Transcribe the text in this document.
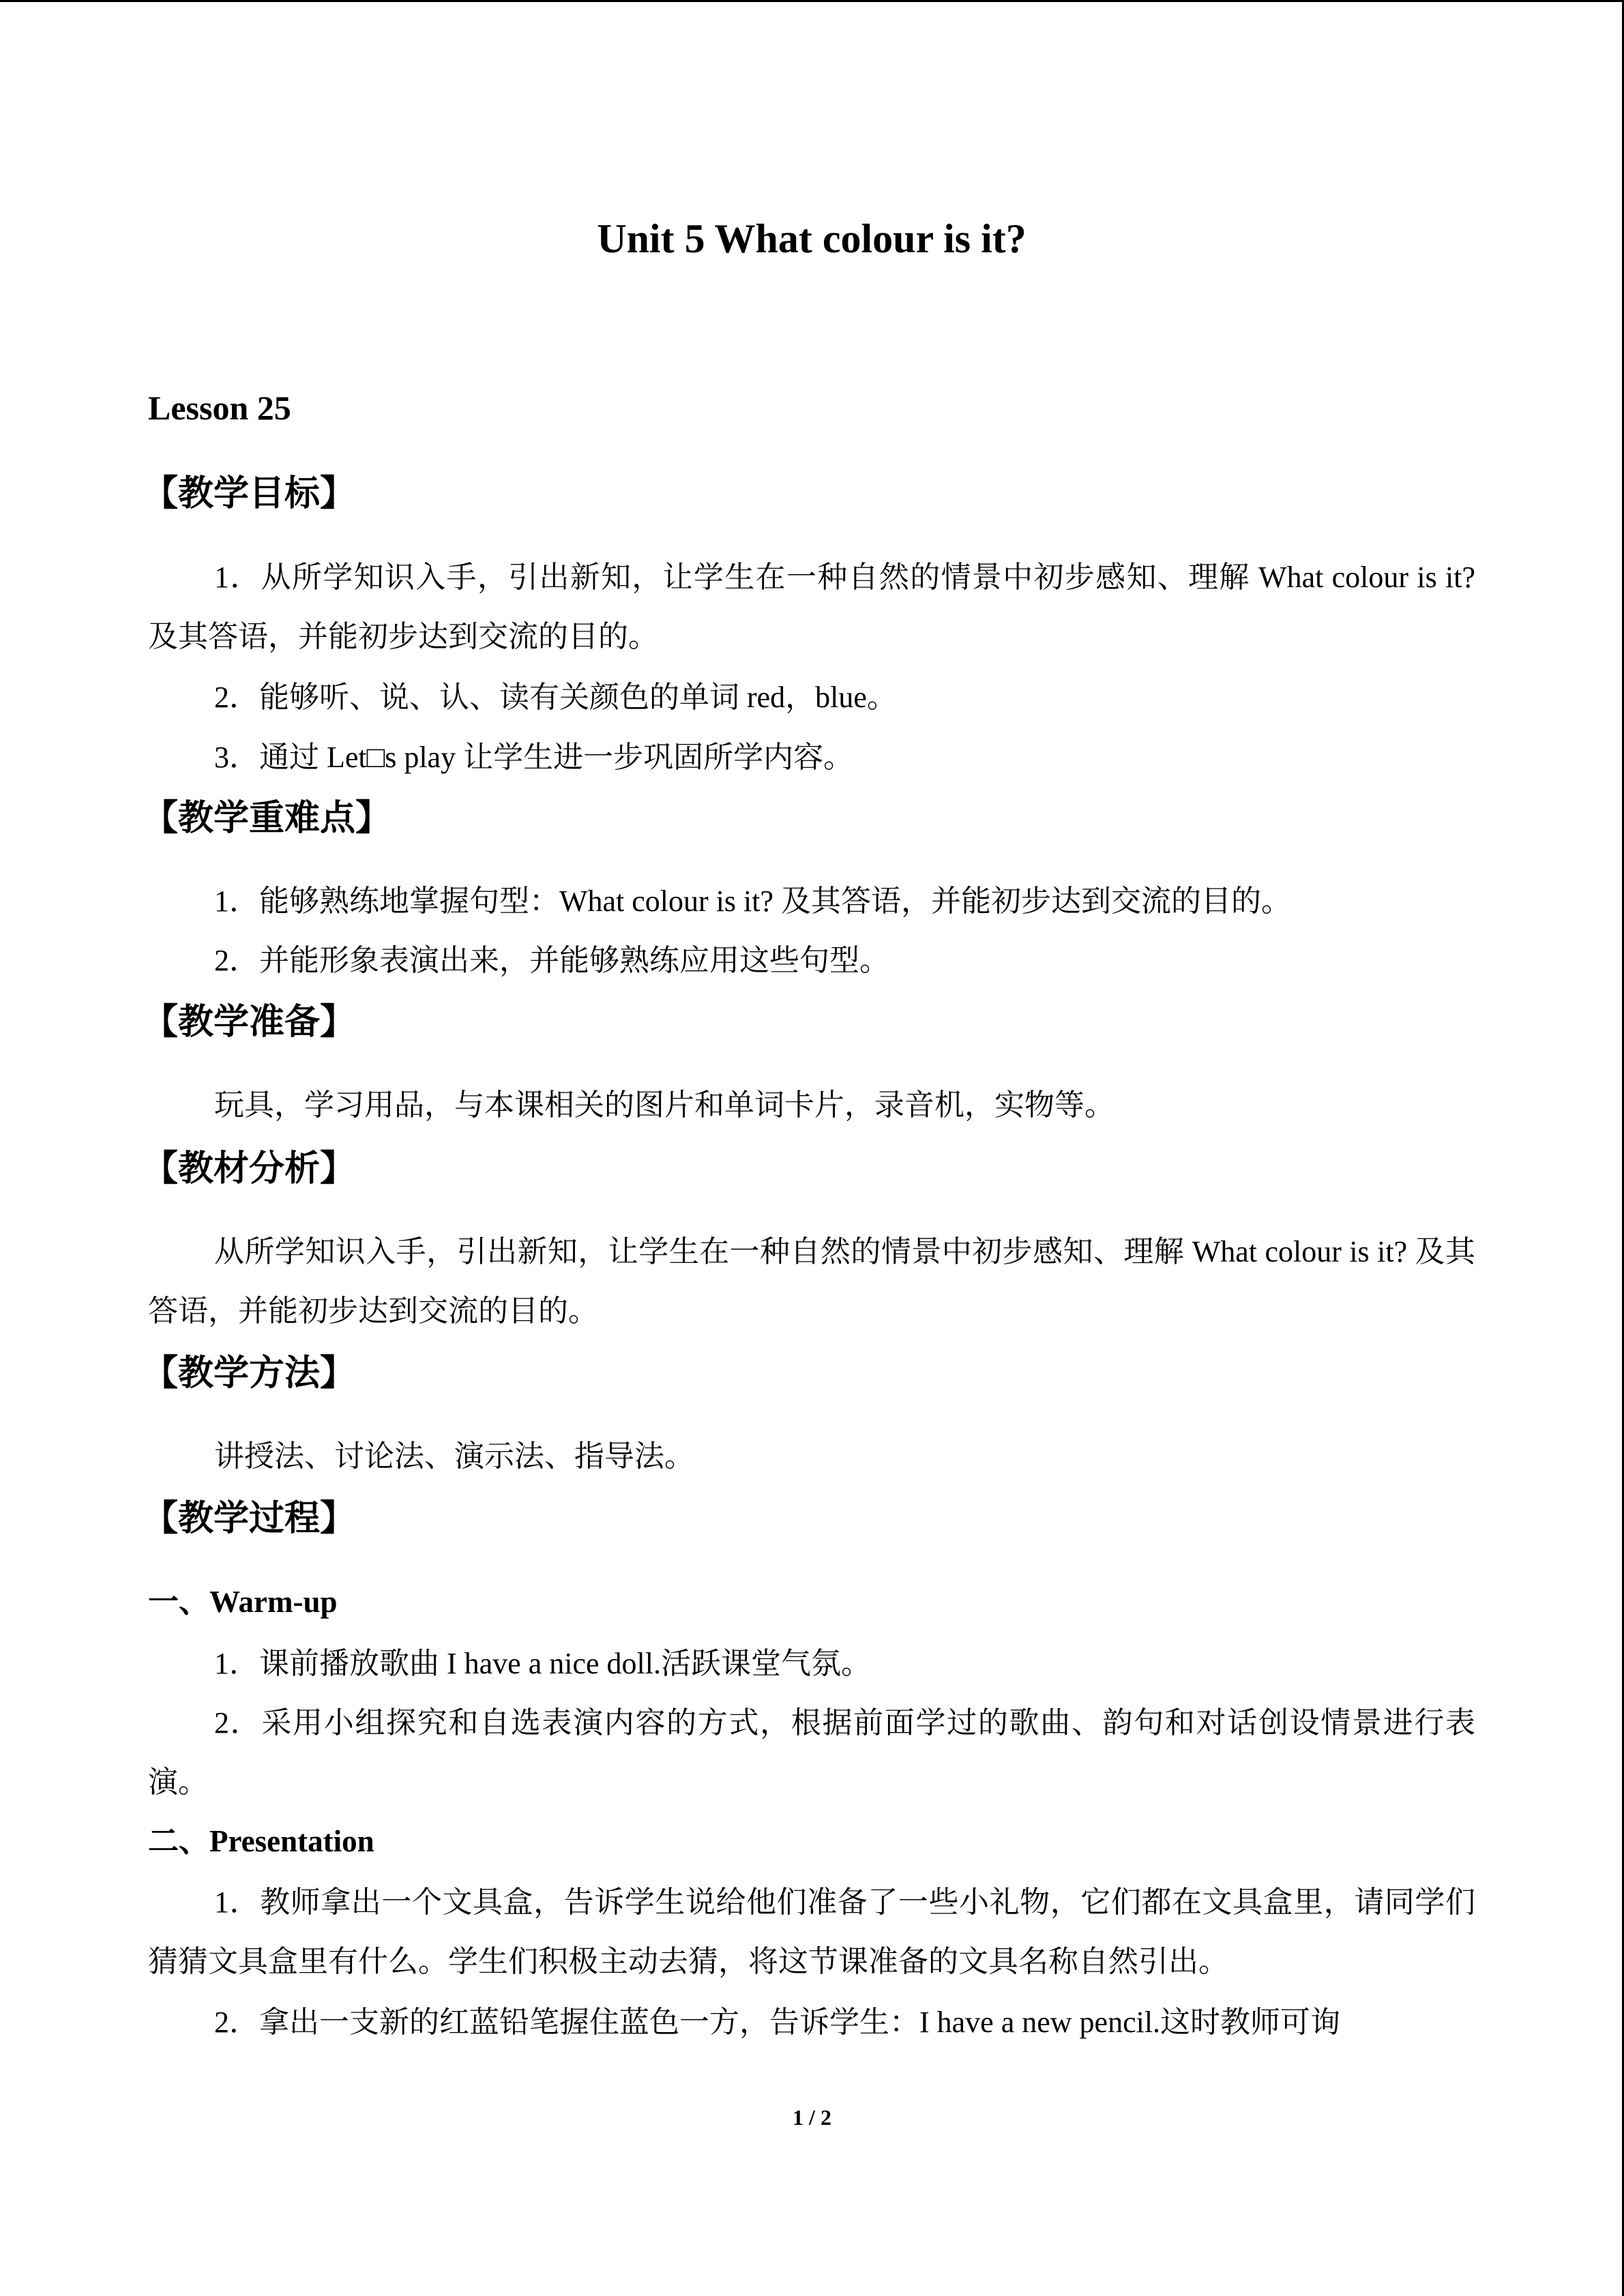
Unit 5 What colour is it?
Lesson 25
【教学目标】
1．从所学知识入手，引出新知，让学生在一种自然的情景中初步感知、理解 What colour is it? 及其答语，并能初步达到交流的目的。
2．能够听、说、认、读有关颜色的单词 red，blue。
3．通过 Let□s play 让学生进一步巩固所学内容。
【教学重难点】
1．能够熟练地掌握句型：What colour is it? 及其答语，并能初步达到交流的目的。
2．并能形象表演出来，并能够熟练应用这些句型。
【教学准备】
玩具，学习用品，与本课相关的图片和单词卡片，录音机，实物等。
【教材分析】
从所学知识入手，引出新知，让学生在一种自然的情景中初步感知、理解 What colour is it? 及其答语，并能初步达到交流的目的。
【教学方法】
讲授法、讨论法、演示法、指导法。
【教学过程】
一、Warm-up
1．课前播放歌曲 I have a nice doll.活跃课堂气氛。
2．采用小组探究和自选表演内容的方式，根据前面学过的歌曲、韵句和对话创设情景进行表演。
二、Presentation
1．教师拿出一个文具盒，告诉学生说给他们准备了一些小礼物，它们都在文具盒里，请同学们猜猜文具盒里有什么。学生们积极主动去猜，将这节课准备的文具名称自然引出。
2．拿出一支新的红蓝铅笔握住蓝色一方，告诉学生：I have a new pencil.这时教师可询
1 / 2
